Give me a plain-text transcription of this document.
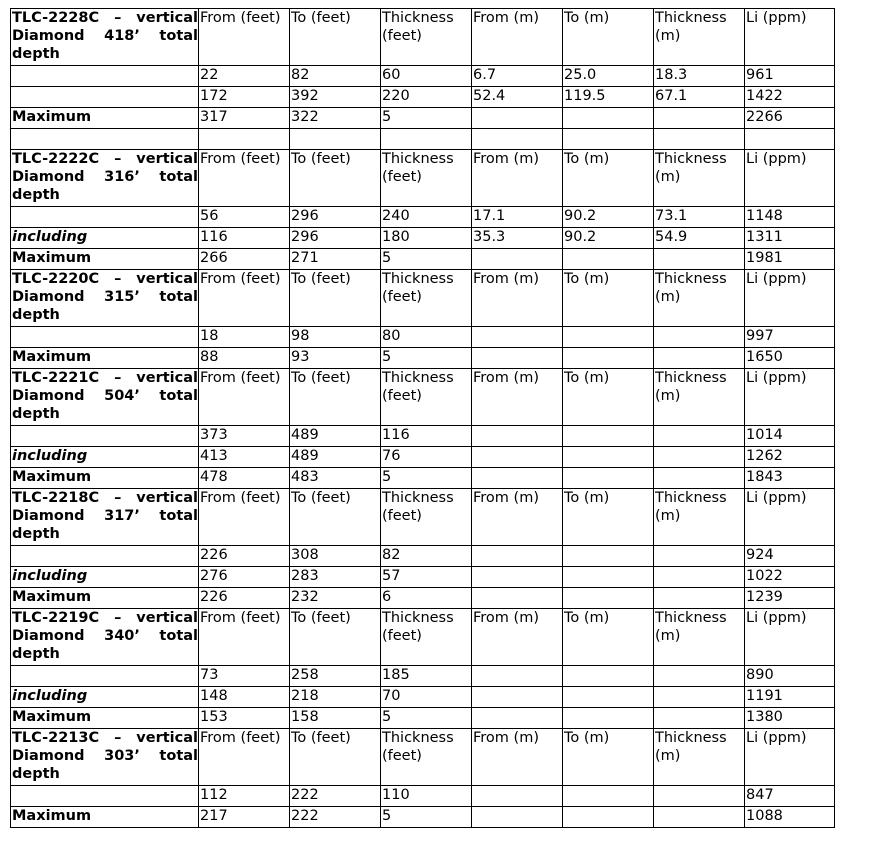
TLC-2228C – vertical Diamond 418’ total depth	From (feet)	To (feet)	Thickness (feet)	From (m)	To (m)	Thickness (m)	Li (ppm)
	22	82	60	6.7	25.0	18.3	961
	172	392	220	52.4	119.5	67.1	1422
Maximum	317	322	5				2266

TLC-2222C – vertical Diamond 316’ total depth	From (feet)	To (feet)	Thickness (feet)	From (m)	To (m)	Thickness (m)	Li (ppm)
	56	296	240	17.1	90.2	73.1	1148
including	116	296	180	35.3	90.2	54.9	1311
Maximum	266	271	5				1981
TLC-2220C – vertical Diamond 315’ total depth	From (feet)	To (feet)	Thickness (feet)	From (m)	To (m)	Thickness (m)	Li (ppm)
	18	98	80				997
Maximum	88	93	5				1650
TLC-2221C – vertical Diamond 504’ total depth	From (feet)	To (feet)	Thickness (feet)	From (m)	To (m)	Thickness (m)	Li (ppm)
	373	489	116				1014
including	413	489	76				1262
Maximum	478	483	5				1843
TLC-2218C – vertical Diamond 317’ total depth	From (feet)	To (feet)	Thickness (feet)	From (m)	To (m)	Thickness (m)	Li (ppm)
	226	308	82				924
including	276	283	57				1022
Maximum	226	232	6				1239
TLC-2219C – vertical Diamond 340’ total depth	From (feet)	To (feet)	Thickness (feet)	From (m)	To (m)	Thickness (m)	Li (ppm)
	73	258	185				890
including	148	218	70				1191
Maximum	153	158	5				1380
TLC-2213C – vertical Diamond 303’ total depth	From (feet)	To (feet)	Thickness (feet)	From (m)	To (m)	Thickness (m)	Li (ppm)
	112	222	110				847
Maximum	217	222	5				1088
